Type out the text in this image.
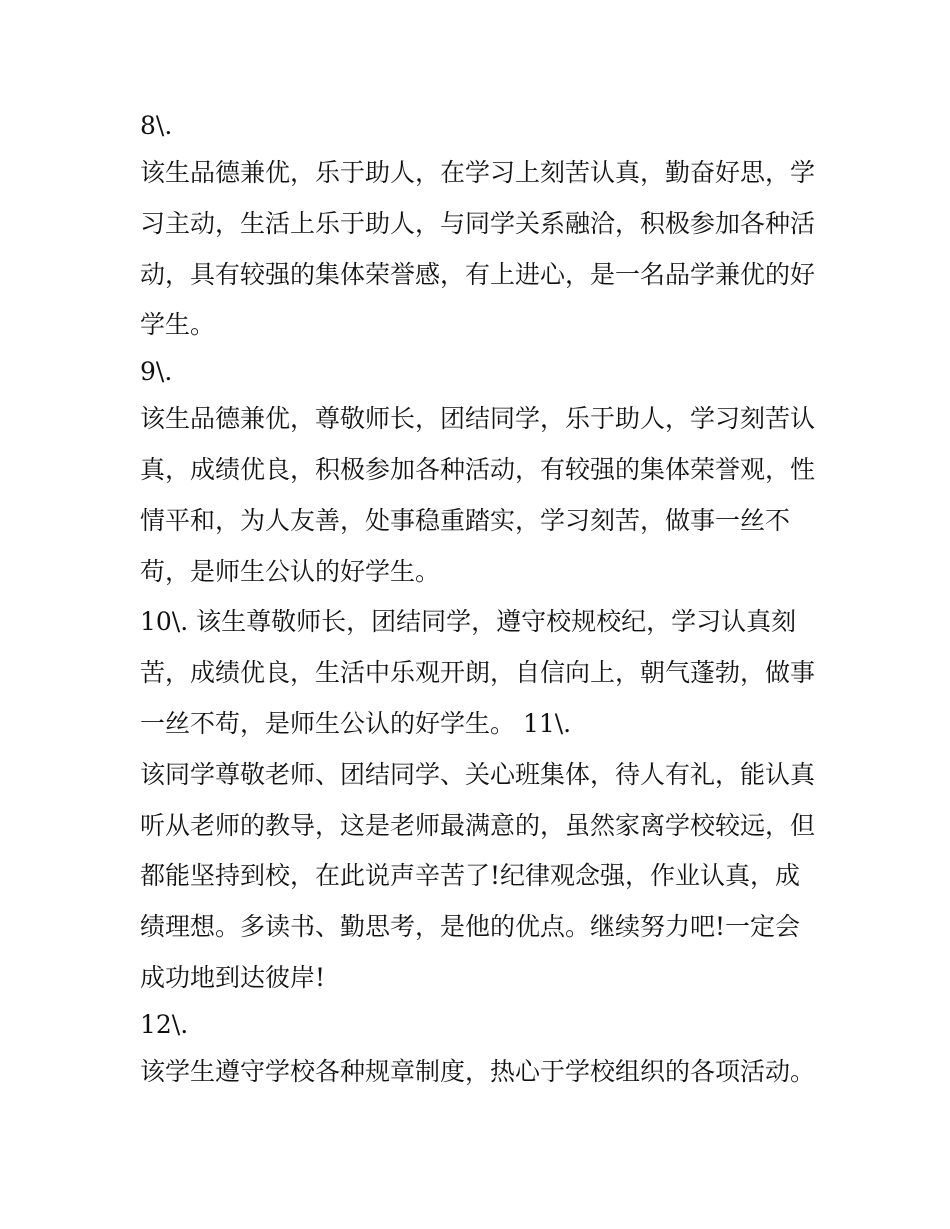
8\.
该生品德兼优，乐于助人，在学习上刻苦认真，勤奋好思，学
习主动，生活上乐于助人，与同学关系融洽，积极参加各种活
动，具有较强的集体荣誉感，有上进心，是一名品学兼优的好
学生。
9\.
该生品德兼优，尊敬师长，团结同学，乐于助人，学习刻苦认
真，成绩优良，积极参加各种活动，有较强的集体荣誉观，性
情平和，为人友善，处事稳重踏实，学习刻苦，做事一丝不
苟，是师生公认的好学生。
10\. 该生尊敬师长，团结同学，遵守校规校纪，学习认真刻
苦，成绩优良，生活中乐观开朗，自信向上，朝气蓬勃，做事
一丝不苟，是师生公认的好学生。 11\.
该同学尊敬老师、团结同学、关心班集体，待人有礼，能认真
听从老师的教导，这是老师最满意的，虽然家离学校较远，但
都能坚持到校，在此说声辛苦了!纪律观念强，作业认真，成
绩理想。多读书、勤思考，是他的优点。继续努力吧!一定会
成功地到达彼岸!
12\.
该学生遵守学校各种规章制度，热心于学校组织的各项活动。
